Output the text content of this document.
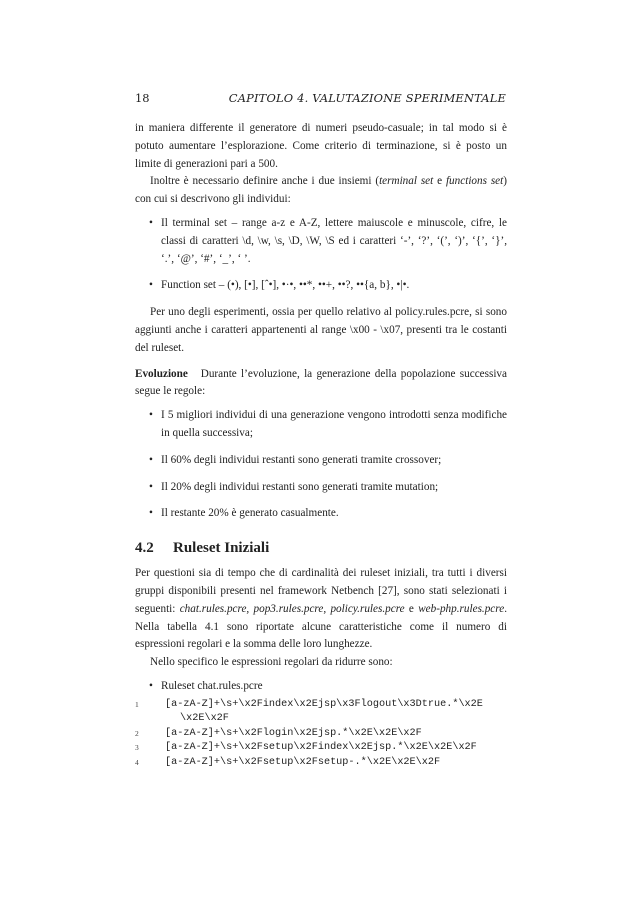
18	CAPITOLO 4. VALUTAZIONE SPERIMENTALE

in maniera differente il generatore di numeri pseudo-casuale; in tal modo si è potuto aumentare l’esplorazione. Come criterio di terminazione, si è posto un limite di generazioni pari a 500.

Inoltre è necessario definire anche i due insiemi (terminal set e functions set) con cui si descrivono gli individui:

• Il terminal set – range a-z e A-Z, lettere maiuscole e minuscole, cifre, le classi di caratteri \d, \w, \s, \D, \W, \S ed i caratteri ‘-’, ‘?’, ‘(’, ‘)’, ‘{’, ‘}’, ‘.’, ‘@’, ‘#’, ‘_’, ‘ ’.
• Function set – (•), [•], [ˆ•], •·•, ••*, ••+, ••?, ••{a, b}, •|•.

Per uno degli esperimenti, ossia per quello relativo al policy.rules.pcre, si sono aggiunti anche i caratteri appartenenti al range \x00 - \x07, presenti tra le costanti del ruleset.

Evoluzione Durante l’evoluzione, la generazione della popolazione successiva segue le regole:

• I 5 migliori individui di una generazione vengono introdotti senza modifiche in quella successiva;
• Il 60% degli individui restanti sono generati tramite crossover;
• Il 20% degli individui restanti sono generati tramite mutation;
• Il restante 20% è generato casualmente.
4.2 Ruleset Iniziali

Per questioni sia di tempo che di cardinalità dei ruleset iniziali, tra tutti i diversi gruppi disponibili presenti nel framework Netbench [27], sono stati selezionati i seguenti: chat.rules.pcre, pop3.rules.pcre, policy.rules.pcre e web-php.rules.pcre. Nella tabella 4.1 sono riportate alcune caratteristiche come il numero di espressioni regolari e la somma delle loro lunghezze.

Nello specifico le espressioni regolari da ridurre sono:

• Ruleset chat.rules.pcre
1	[a-zA-Z]+\s+\x2Findex\x2Ejsp\x3Flogout\x3Dtrue.*\x2E
\x2E\x2F
2	[a-zA-Z]+\s+\x2Flogin\x2Ejsp.*\x2E\x2E\x2F
3	[a-zA-Z]+\s+\x2Fsetup\x2Findex\x2Ejsp.*\x2E\x2E\x2F
4	[a-zA-Z]+\s+\x2Fsetup\x2Fsetup-.*\x2E\x2E\x2F
